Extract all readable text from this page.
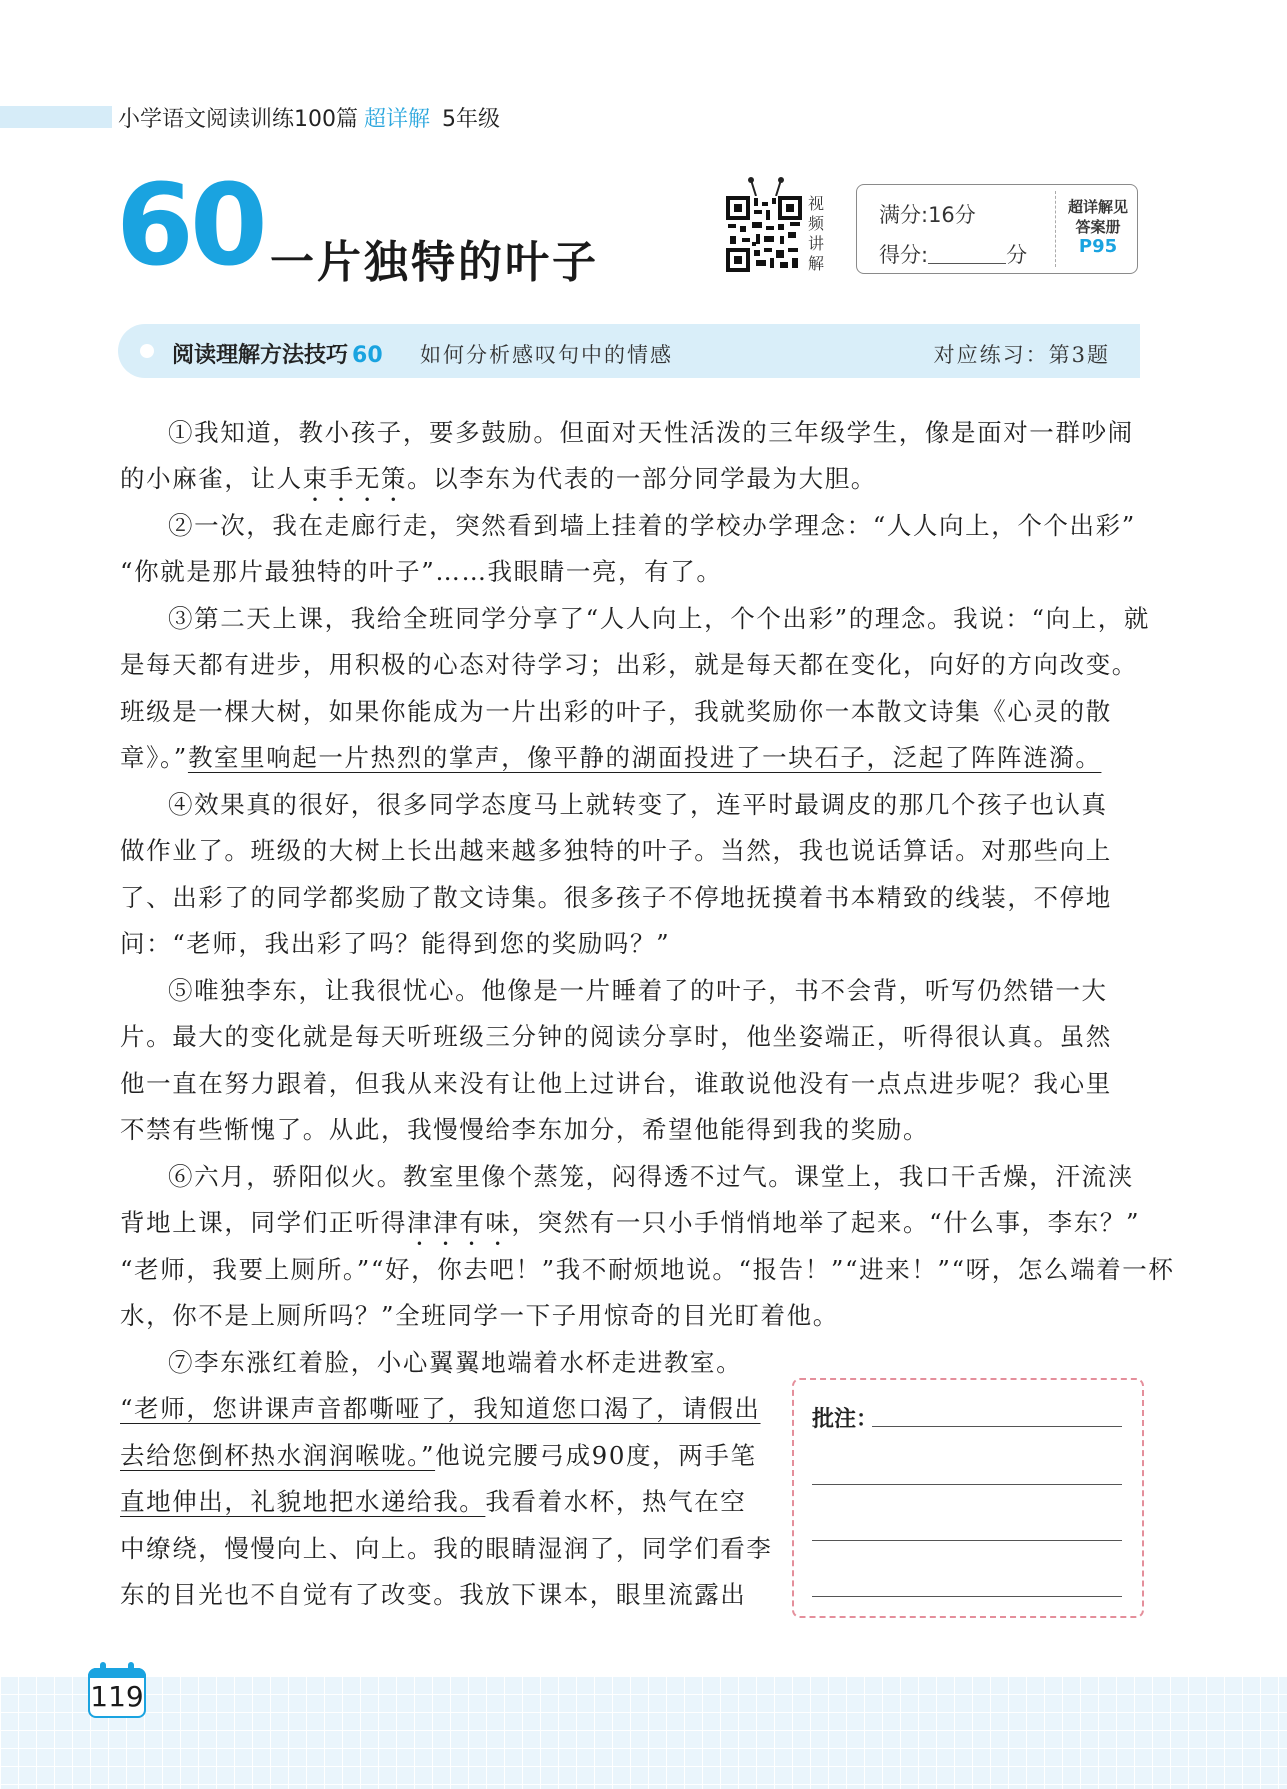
小学语文阅读训练100篇 超详解 5年级
60 一片独特的叶子
视
频
讲
解
满分:16分
得分:	分
超详解见
答案册
P95
阅读理解方法技巧 60 如何分析感叹句中的情感	对应练习：第3题
①我知道，教小孩子，要多鼓励。但面对天性活泼的三年级学生，像是面对一群吵闹
的小麻雀，让人束手无策。以李东为代表的一部分同学最为大胆。
②一次，我在走廊行走，突然看到墙上挂着的学校办学理念：“人人向上，个个出彩”
“你就是那片最独特的叶子”……我眼睛一亮，有了。
③第二天上课，我给全班同学分享了“人人向上，个个出彩”的理念。我说：“向上，就
是每天都有进步，用积极的心态对待学习；出彩，就是每天都在变化，向好的方向改变。
班级是一棵大树，如果你能成为一片出彩的叶子，我就奖励你一本散文诗集《心灵的散
章》。”教室里响起一片热烈的掌声，像平静的湖面投进了一块石子，泛起了阵阵涟漪。
④效果真的很好，很多同学态度马上就转变了，连平时最调皮的那几个孩子也认真
做作业了。班级的大树上长出越来越多独特的叶子。当然，我也说话算话。对那些向上
了、出彩了的同学都奖励了散文诗集。很多孩子不停地抚摸着书本精致的线装，不停地
问：“老师，我出彩了吗？能得到您的奖励吗？”
⑤唯独李东，让我很忧心。他像是一片睡着了的叶子，书不会背，听写仍然错一大
片。最大的变化就是每天听班级三分钟的阅读分享时，他坐姿端正，听得很认真。虽然
他一直在努力跟着，但我从来没有让他上过讲台，谁敢说他没有一点点进步呢？我心里
不禁有些惭愧了。从此，我慢慢给李东加分，希望他能得到我的奖励。
⑥六月，骄阳似火。教室里像个蒸笼，闷得透不过气。课堂上，我口干舌燥，汗流浃
背地上课，同学们正听得津津有味，突然有一只小手悄悄地举了起来。“什么事，李东？”
“老师，我要上厕所。”“好，你去吧！”我不耐烦地说。“报告！”“进来！”“呀，怎么端着一杯
水，你不是上厕所吗？”全班同学一下子用惊奇的目光盯着他。
⑦李东涨红着脸，小心翼翼地端着水杯走进教室。
“老师，您讲课声音都嘶哑了，我知道您口渴了，请假出
去给您倒杯热水润润喉咙。”他说完腰弓成90度，两手笔
直地伸出，礼貌地把水递给我。我看着水杯，热气在空
中缭绕，慢慢向上、向上。我的眼睛湿润了，同学们看李
东的目光也不自觉有了改变。我放下课本，眼里流露出
批注：
119
